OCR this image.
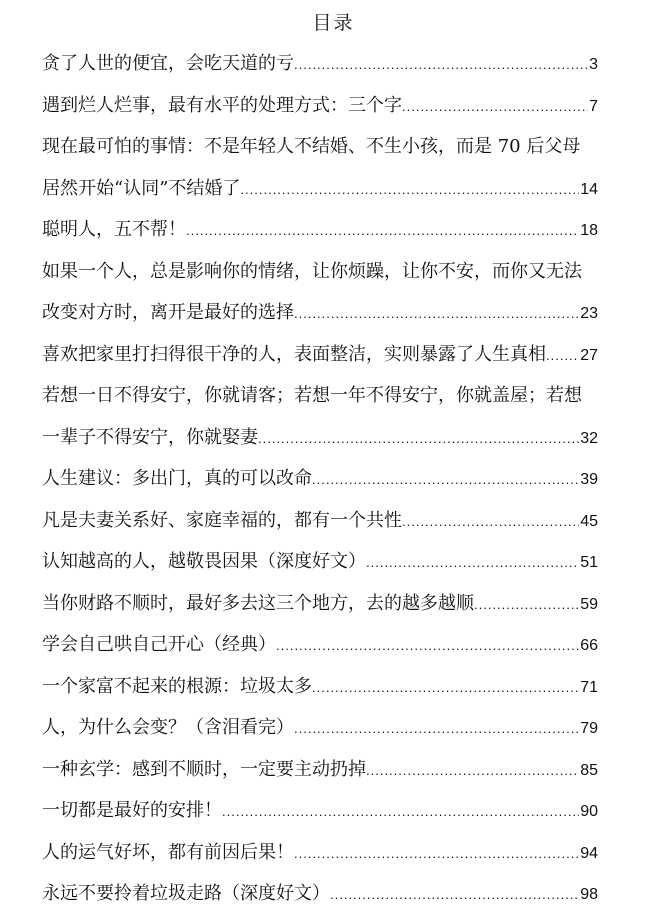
目录
贪了人世的便宜，会吃天道的亏 .....	3
遇到烂人烂事，最有水平的处理方式：三个字 .....	7
现在最可怕的事情：不是年轻人不结婚、不生小孩，而是 70 后父母
居然开始“认同”不结婚了 .....	14
聪明人，五不帮！ .....	18
如果一个人，总是影响你的情绪，让你烦躁，让你不安，而你又无法
改变对方时，离开是最好的选择 .....	23
喜欢把家里打扫得很干净的人，表面整洁，实则暴露了人生真相 ..... 27
若想一日不得安宁，你就请客；若想一年不得安宁，你就盖屋；若想
一辈子不得安宁，你就娶妻 .....	32
人生建议：多出门，真的可以改命 .....	39
凡是夫妻关系好、家庭幸福的，都有一个共性 .....	45
认知越高的人，越敬畏因果（深度好文） .....	51
当你财路不顺时，最好多去这三个地方，去的越多越顺 .....	59
学会自己哄自己开心（经典） .....	66
一个家富不起来的根源：垃圾太多 .....	71
人，为什么会变？（含泪看完） .....	79
一种玄学：感到不顺时，一定要主动扔掉 .....	85
一切都是最好的安排！ .....	90
人的运气好坏，都有前因后果！ .....	94
永远不要拎着垃圾走路（深度好文） .....	98
